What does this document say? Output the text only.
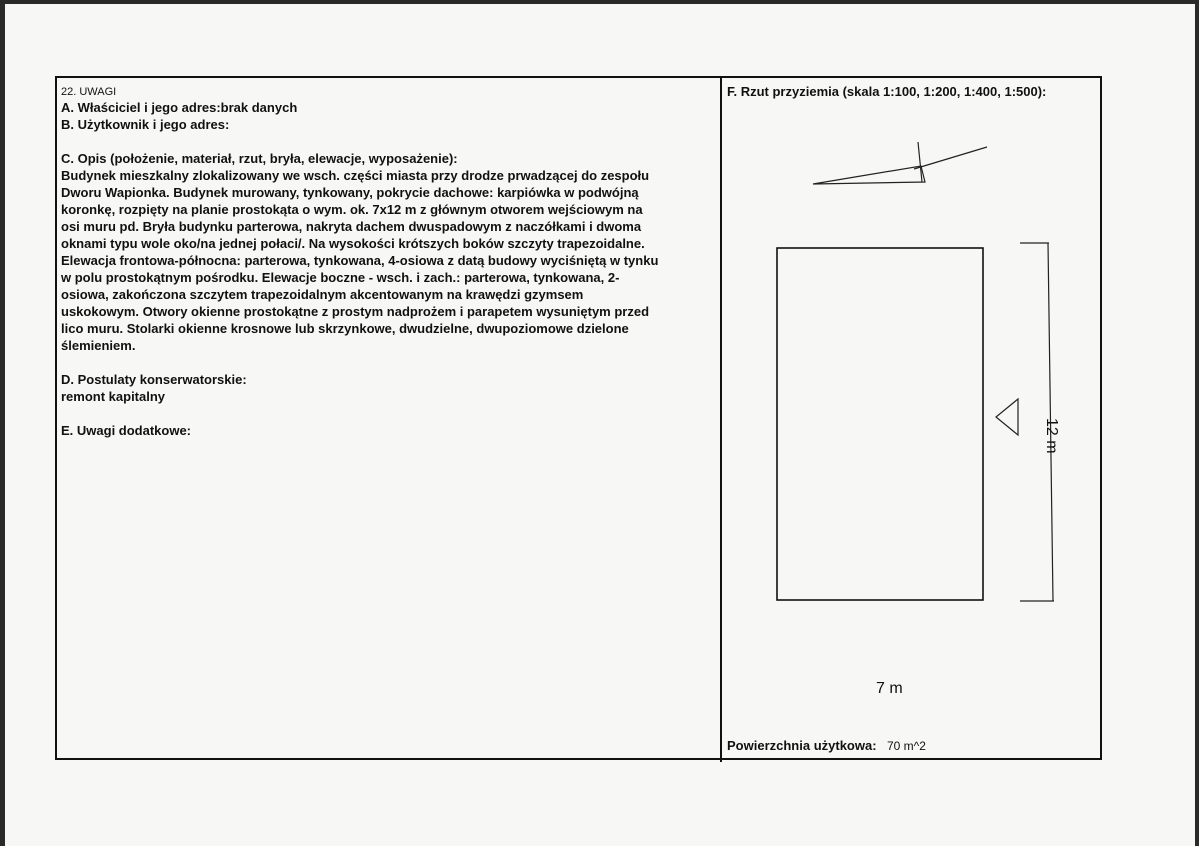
22. UWAGI
A. Właściciel i jego adres:brak danych
B. Użytkownik i jego adres:
C. Opis (położenie, materiał, rzut, bryła, elewacje, wyposażenie):
Budynek mieszkalny zlokalizowany we wsch. części miasta przy drodze prwadzącej do zespołu
Dworu Wapionka. Budynek murowany, tynkowany, pokrycie dachowe: karpiówka w podwójną
koronkę, rozpięty na planie prostokąta o wym. ok. 7x12 m z głównym otworem wejściowym na
osi muru pd. Bryła budynku parterowa, nakryta dachem dwuspadowym z naczółkami i dwoma
oknami typu wole oko/na jednej połaci/. Na wysokości krótszych boków szczyty trapezoidalne.
Elewacja frontowa-północna: parterowa, tynkowana, 4-osiowa z datą budowy wyciśniętą w tynku
w polu prostokątnym pośrodku. Elewacje boczne - wsch. i zach.: parterowa, tynkowana, 2-
osiowa, zakończona szczytem trapezoidalnym akcentowanym na krawędzi gzymsem
uskokowym. Otwory okienne prostokątne z prostym nadprożem i parapetem wysuniętym przed
lico muru. Stolarki okienne krosnowe lub skrzynkowe, dwudzielne, dwupoziomowe dzielone
ślemieniem.
D. Postulaty konserwatorskie:
remont kapitalny
E. Uwagi dodatkowe:
F. Rzut przyziemia (skala 1:100, 1:200, 1:400, 1:500):
7 m
12 m
Powierzchnia użytkowa: 70 m^2
